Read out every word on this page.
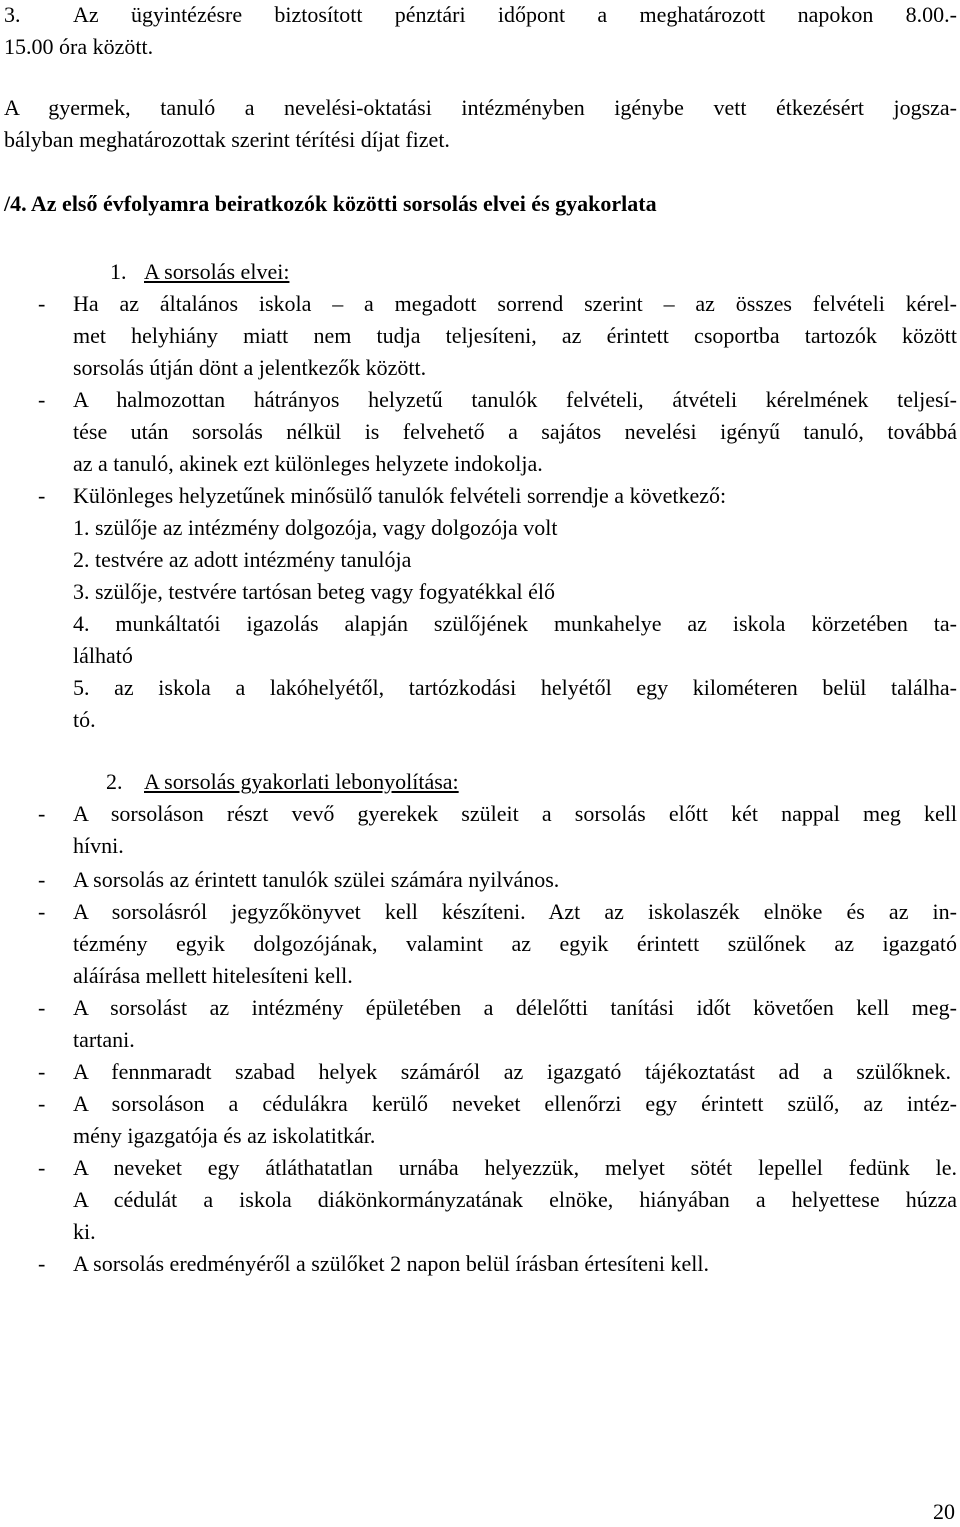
3. Az ügyintézésre biztosított pénztári időpont a meghatározott napokon 8.00.-
15.00 óra között.
A gyermek, tanuló a nevelési-oktatási intézményben igénybe vett étkezésért jogsza-
bályban meghatározottak szerint térítési díjat fizet.
/4. Az első évfolyamra beiratkozók közötti sorsolás elvei és gyakorlata
1. A sorsolás elvei:
- Ha az általános iskola – a megadott sorrend szerint – az összes felvételi kérel-
met helyhiány miatt nem tudja teljesíteni, az érintett csoportba tartozók között
sorsolás útján dönt a jelentkezők között.
- A halmozottan hátrányos helyzetű tanulók felvételi, átvételi kérelmének teljesí-
tése után sorsolás nélkül is felvehető a sajátos nevelési igényű tanuló, továbbá
az a tanuló, akinek ezt különleges helyzete indokolja.
- Különleges helyzetűnek minősülő tanulók felvételi sorrendje a következő:
1. szülője az intézmény dolgozója, vagy dolgozója volt
2. testvére az adott intézmény tanulója
3. szülője, testvére tartósan beteg vagy fogyatékkal élő
4. munkáltatói igazolás alapján szülőjének munkahelye az iskola körzetében ta-
lálható
5. az iskola a lakóhelyétől, tartózkodási helyétől egy kilométeren belül találha-
tó.
2. A sorsolás gyakorlati lebonyolítása:
- A sorsoláson részt vevő gyerekek szüleit a sorsolás előtt két nappal meg kell
hívni.
- A sorsolás az érintett tanulók szülei számára nyilvános.
- A sorsolásról jegyzőkönyvet kell készíteni. Azt az iskolaszék elnöke és az in-
tézmény egyik dolgozójának, valamint az egyik érintett szülőnek az igazgató
aláírása mellett hitelesíteni kell.
- A sorsolást az intézmény épületében a délelőtti tanítási időt követően kell meg-
tartani.
- A fennmaradt szabad helyek számáról az igazgató tájékoztatást ad a szülőknek.
- A sorsoláson a cédulákra kerülő neveket ellenőrzi egy érintett szülő, az intéz-
mény igazgatója és az iskolatitkár.
- A neveket egy átláthatatlan urnába helyezzük, melyet sötét lepellel fedünk le.
A cédulát a iskola diákönkormányzatának elnöke, hiányában a helyettese húzza
ki.
- A sorsolás eredményéről a szülőket 2 napon belül írásban értesíteni kell.
20
